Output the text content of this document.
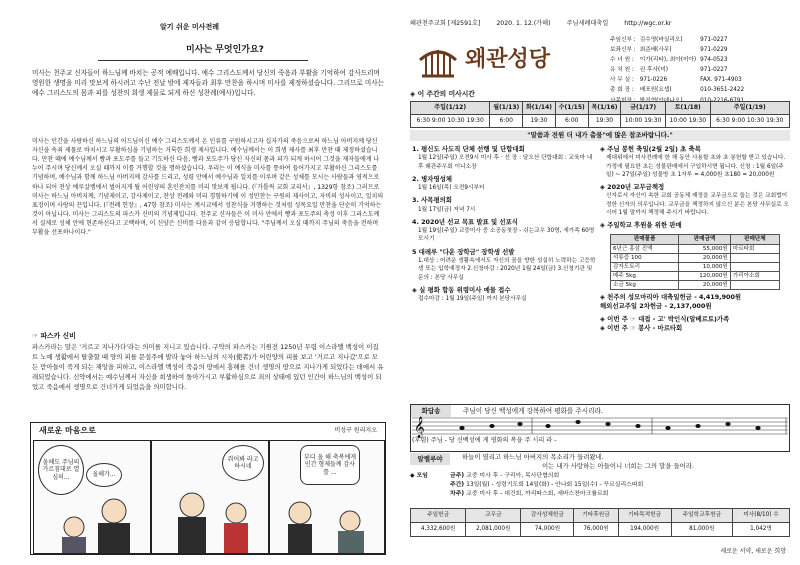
알기 쉬운 미사전례
미사는 무엇인가요?
미사는 천주교 신자들이 하느님께 바치는 공적 예배입니다. 예수 그리스도께서 당신의 죽음과 부활을 기억하여 감사드리며 영원한 생명을 미리 맛보게 하시려고 수난 전날 밤에 제자들과 최후 만찬을 하시며 미사를 제정하셨습니다. 그리므로 미사는 예수 그리스도의 몸과 피를 성찬의 희생 제물로 되게 하신 성찬례(예사)입니다.
미사는 인간을 사랑하신 하느님의 어드님이신 예수 그리스도께서 온 인류를 구원하시고자 십자가의 죽음으로써 하느님 아버지께 당신 자신을 속죄 제물로 바치시고 부활하심을 기념하는 거룩한 희생 제사입니다. 예수님께서는 이 희생 제사를 최후 만찬 때 제정하셨습니다. 만찬 때에 예수님께서 빵과 포도주를 들고 기도하신 다음, 빵과 포도주가 당신 자신의 몸과 피가 되게 하시어 그것을 제자들에게 나누어 주시며 당신께서 오실 때까지 이를 거행할 것을 명하셨습니다. 우리는 이 예식을 미사를 통하여 들어가지고 부활하신 그리스도를 기념하며, 예수님과 함께 하느님 아버지께 감사를 드리고, 성령 안에서 예수님과 일치를 이루며 같은 성체를 모시는 사람들과 영적으로 하나 되어 천상 예루살렘에서 벌어지게 될 어린양의 혼인잔치를 미리 맛보게 됩니다. (『가톨릭 교회 교리서』, 1329항 참조) 그러므로 미사는 하느님 아버지께, 기념제이고, 감사제이고, 찬상 전례와 미리 경험하기에 이 성만찬는 구원의 제사이고, 자비의 성사이고, 일치의 표징이며 사랑의 끈입니다. (『전례 헌장』, 47항 참조) 미사는 계시교에서 성찬식을 거행하는 것처럼 성목요일 만찬을 단순히 기억하는 것이 아닙니다. 미사는 그리스도의 파스카 신비의 기념제입니다. 천주교 신자들은 이 미사 안에서 빵과 포도주의 축성 이후 그리스도께서 실제로 성체 안에 현존하신다고 고백하며, 이 신양은 신비를 다음과 같이 응답합니다. "주님께서 오실 때까지 주님의 죽음을 전하며 부활을 선포하나이다."
☞ 파스카 신비
파스카라는 말은 '거르고 지나가다'라는 의미를 지니고 있습니다. 구약의 파스카는 기원전 1250년 무렵 이스라엘 백성이 이집트 노예 생활에서 탈출할 때 양의 피를 문설주에 발라 놓아 하느님의 시자(使者)가 어린양의 피를 보고 '거르고 지나갔'으로 모든 맏아들이 죽게 되는 재앙을 피하고, 이스라엘 백성이 죽음의 땅에서 홍해를 건너 생명의 땅으로 지나가게 되었다는 데에서 유래되었습니다. 신약에서는 예수님께서 자신을 희생하여 돌아가시고 부활하심으로 죄의 상태에 있던 인간이 하느님의 백성이 되었고 죽음에서 생명으로 건너가게 되었음을 의미합니다.
새로운 마음으로	비성구 원리지오
올해도 주님의 가르침대로 열심히...	올해가...
쥐어봐 라고하시네
부디 올 해 축복에게 인간 형제들께 감사를 ...
왜관천주교회 [제2591호]	2020. 1. 12.(가해)	주님세례대축일	http://wgc.or.kr
왜관성당
주임신부 :	김수영(바실리오)	971-0227
보좌신부 :	최준배(사무)	971-0229
수 녀 원 :	이가(리타), 최아(미아)	974-0523
유 치 원 :	권 후사(미)	971-0227
사 무 실 :	971-0226	FAX. 971-4903
총 회 장 :	배포원(요셉)	010-3651-2422

◈ 이 주간의 미사시간
주일(1/12)	월(1/13)	화(1/14)	수(1/15)	목(1/16)	금(1/17)	토(1/18)	주일(1/19)
6:30 9:00 10:30 19:30	6:00	19:30	6:00	19:30	10:00 19:30	10:00 19:30	6:30 9:00 10:30 19:30
"말씀과 전원 더 내가 춤물"에 많은 참조바랍니다."
1. 평신도 사도직 단체 선행 및 단합대회
1월 12일(주일) 오전9시 미사 후 · 선 장 : 달오산 단합대회 : 교육마 내 후 왜관주우회 이니소장
2. 병자영성체
1월 16일(목) 오전9시부터
3. 사목평의회
1월 17일(금) 저녁 7시
4. 2020년 선교 목표 발표 및 선포식
1월 19일(주일) 교중미사 중 소공동첫장 - 쉬는교우 30명, 새가족 60명 모시기
5 대레루 "다운 장학금" 장학생 선발
1.대상 : 어려운 생활속에서도 자신의 꿈을 향한 성실히 노력하는 고등학생 또는 입학예정자 2.신청마감 : 2020년 1월 24일(금) 3.신청기관 및 문의 : 본당 사무실
◈ 실 평화 합동 위령미사 예물 접수
접수마감 : 1월 19일(주일) 까지 본당사무실
◈ 주님 봉헌 축일(2월 2일) 초 축복
제대위에서 미사전례에 한 해 동안 사용할 초와 초 봉헌할 받고 있습니다. 가정에 필요한 초는 성물판매에서 구입하시면 됩니다. 신청 : 1월 6일(주일) ~ 27일(주일) 성물방 초 1자루 = 4,000원 초180 = 20,000원
◈ 2020년 교무금책정
신자로서 자신이 속한 교회 공동체 재정을 교무금으로 돕는 것은 교회법이 정한 신자의 의무입니다. 교무금을 책정하지 않으신 분은 본당 사무실로 오시어 1월 말까지 책정해 주시기 바랍니다.
◈ 주일학교 후원을 위한 판매
판매물품	판매금액	판매단체
6년근 홍삼 진액	55,000원	마르타회
석류즙 100	20,000원	
감자도토리	10,000원	
메주 5kg	120,000원	가리아소회
소금 5kg	20,000원	
◈ 천주의 성모마리아 대축일헌금 - 4,419,900원
해외선교주일 2차헌금 - 2,137,000원
◈ 이번 주 ☞ 대접 - 고' 박인식(알베르토)가족
◈ 이번 주 ☞ 봉사 - 마르타회
화답송	주님이 당신 백성에게 강복하여 평화를 주시리라.
𝄞
(후렴) 주님 - 당 신백성에 게 평화의 복을 주 시리 라 -
알렐루야	하늘이 열리고 하느님 아버지의 목소리가 들려왔네.
이는 내가 사랑하는 아들이니 너희는 그의 말을 들어라.
◆ 모임	금주) 교중 미사 후 - 구리아, 목사단협의회
주간) 13일(월) - 성령기도회 14일(화) - 안나회 15일(수) - 꾸르실리스따회
차주) 교중 미사 후 - 대건회, 까리따스회, 세바스찬마크률르회
주일헌금	교무금	감사성체헌금	기타후원금	기타목적헌금	주일학교후원금	미사(8/10) 수
4,332,600원	2,081,000원	74,000원	76,000원	194,000원	81,000원	1,042명
새로운 서약, 새로운 희망
